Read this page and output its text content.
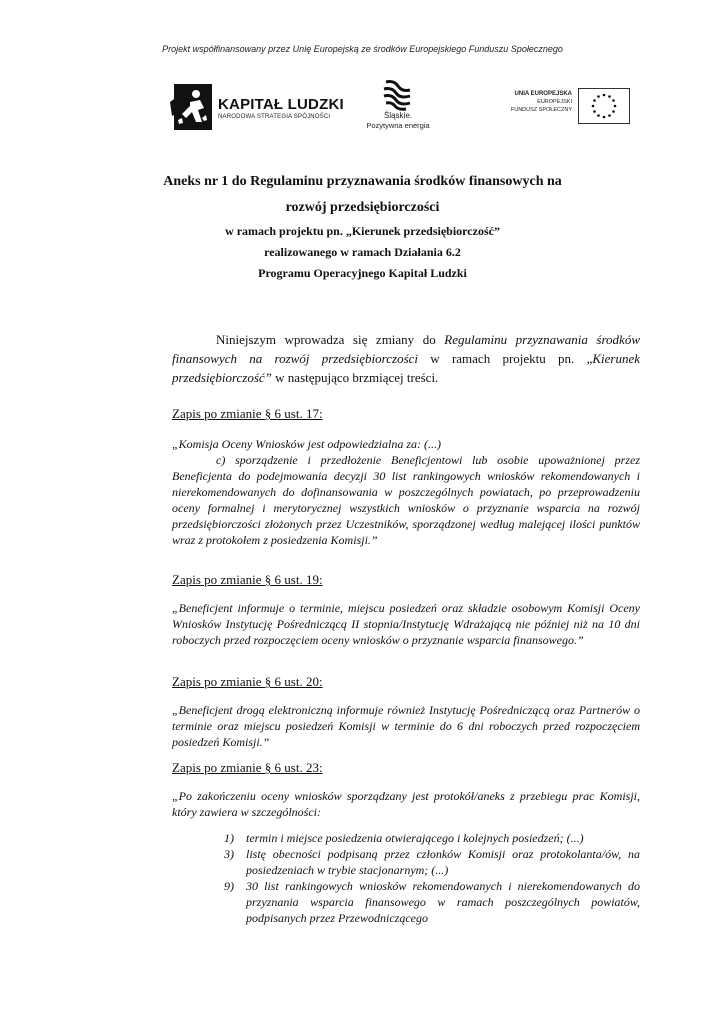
Projekt współfinansowany przez Unię Europejską ze środków Europejskiego Funduszu Społecznego
KAPITAŁ LUDZKI
NARODOWA STRATEGIA SPÓJNOŚCI	Śląskie.
Pozytywna energia
UNIA EUROPEJSKA
EUROPEJSKI
FUNDUSZ SPOŁECZNY
Aneks nr 1 do Regulaminu przyznawania środków finansowych na
rozwój przedsiębiorczości
w ramach projektu pn. „Kierunek przedsiębiorczość”
realizowanego w ramach Działania 6.2
Programu Operacyjnego Kapitał Ludzki
Niniejszym wprowadza się zmiany do Regulaminu przyznawania środków finansowych na rozwój przedsiębiorczości w ramach projektu pn. „Kierunek przedsiębiorczość” w następująco brzmiącej treści.
Zapis po zmianie § 6 ust. 17:
„Komisja Oceny Wniosków jest odpowiedzialna za: (...)
c) sporządzenie i przedłożenie Beneficjentowi lub osobie upoważnionej przez Beneficjenta do podejmowania decyzji 30 list rankingowych wniosków rekomendowanych i nierekomendowanych do dofinansowania w poszczególnych powiatach, po przeprowadzeniu oceny formalnej i merytorycznej wszystkich wniosków o przyznanie wsparcia na rozwój przedsiębiorczości złożonych przez Uczestników, sporządzonej według malejącej ilości punktów wraz z protokołem z posiedzenia Komisji.”
Zapis po zmianie § 6 ust. 19:
„Beneficjent informuje o terminie, miejscu posiedzeń oraz składzie osobowym Komisji Oceny Wniosków Instytucję Pośredniczącą II stopnia/Instytucję Wdrażającą nie później niż na 10 dni roboczych przed rozpoczęciem oceny wniosków o przyznanie wsparcia finansowego.”
Zapis po zmianie § 6 ust. 20:
„Beneficjent drogą elektroniczną informuje również Instytucję Pośredniczącą oraz Partnerów o terminie oraz miejscu posiedzeń Komisji w terminie do 6 dni roboczych przed rozpoczęciem posiedzeń Komisji.”
Zapis po zmianie § 6 ust. 23:
„Po zakończeniu oceny wniosków sporządzany jest protokół/aneks z przebiegu prac Komisji, który zawiera w szczególności:
1) termin i miejsce posiedzenia otwierającego i kolejnych posiedzeń; (...)
3) listę obecności podpisaną przez członków Komisji oraz protokolanta/ów, na posiedzeniach w trybie stacjonarnym; (...)
9) 30 list rankingowych wniosków rekomendowanych i nierekomendowanych do przyznania wsparcia finansowego w ramach poszczególnych powiatów, podpisanych przez Przewodniczącego
